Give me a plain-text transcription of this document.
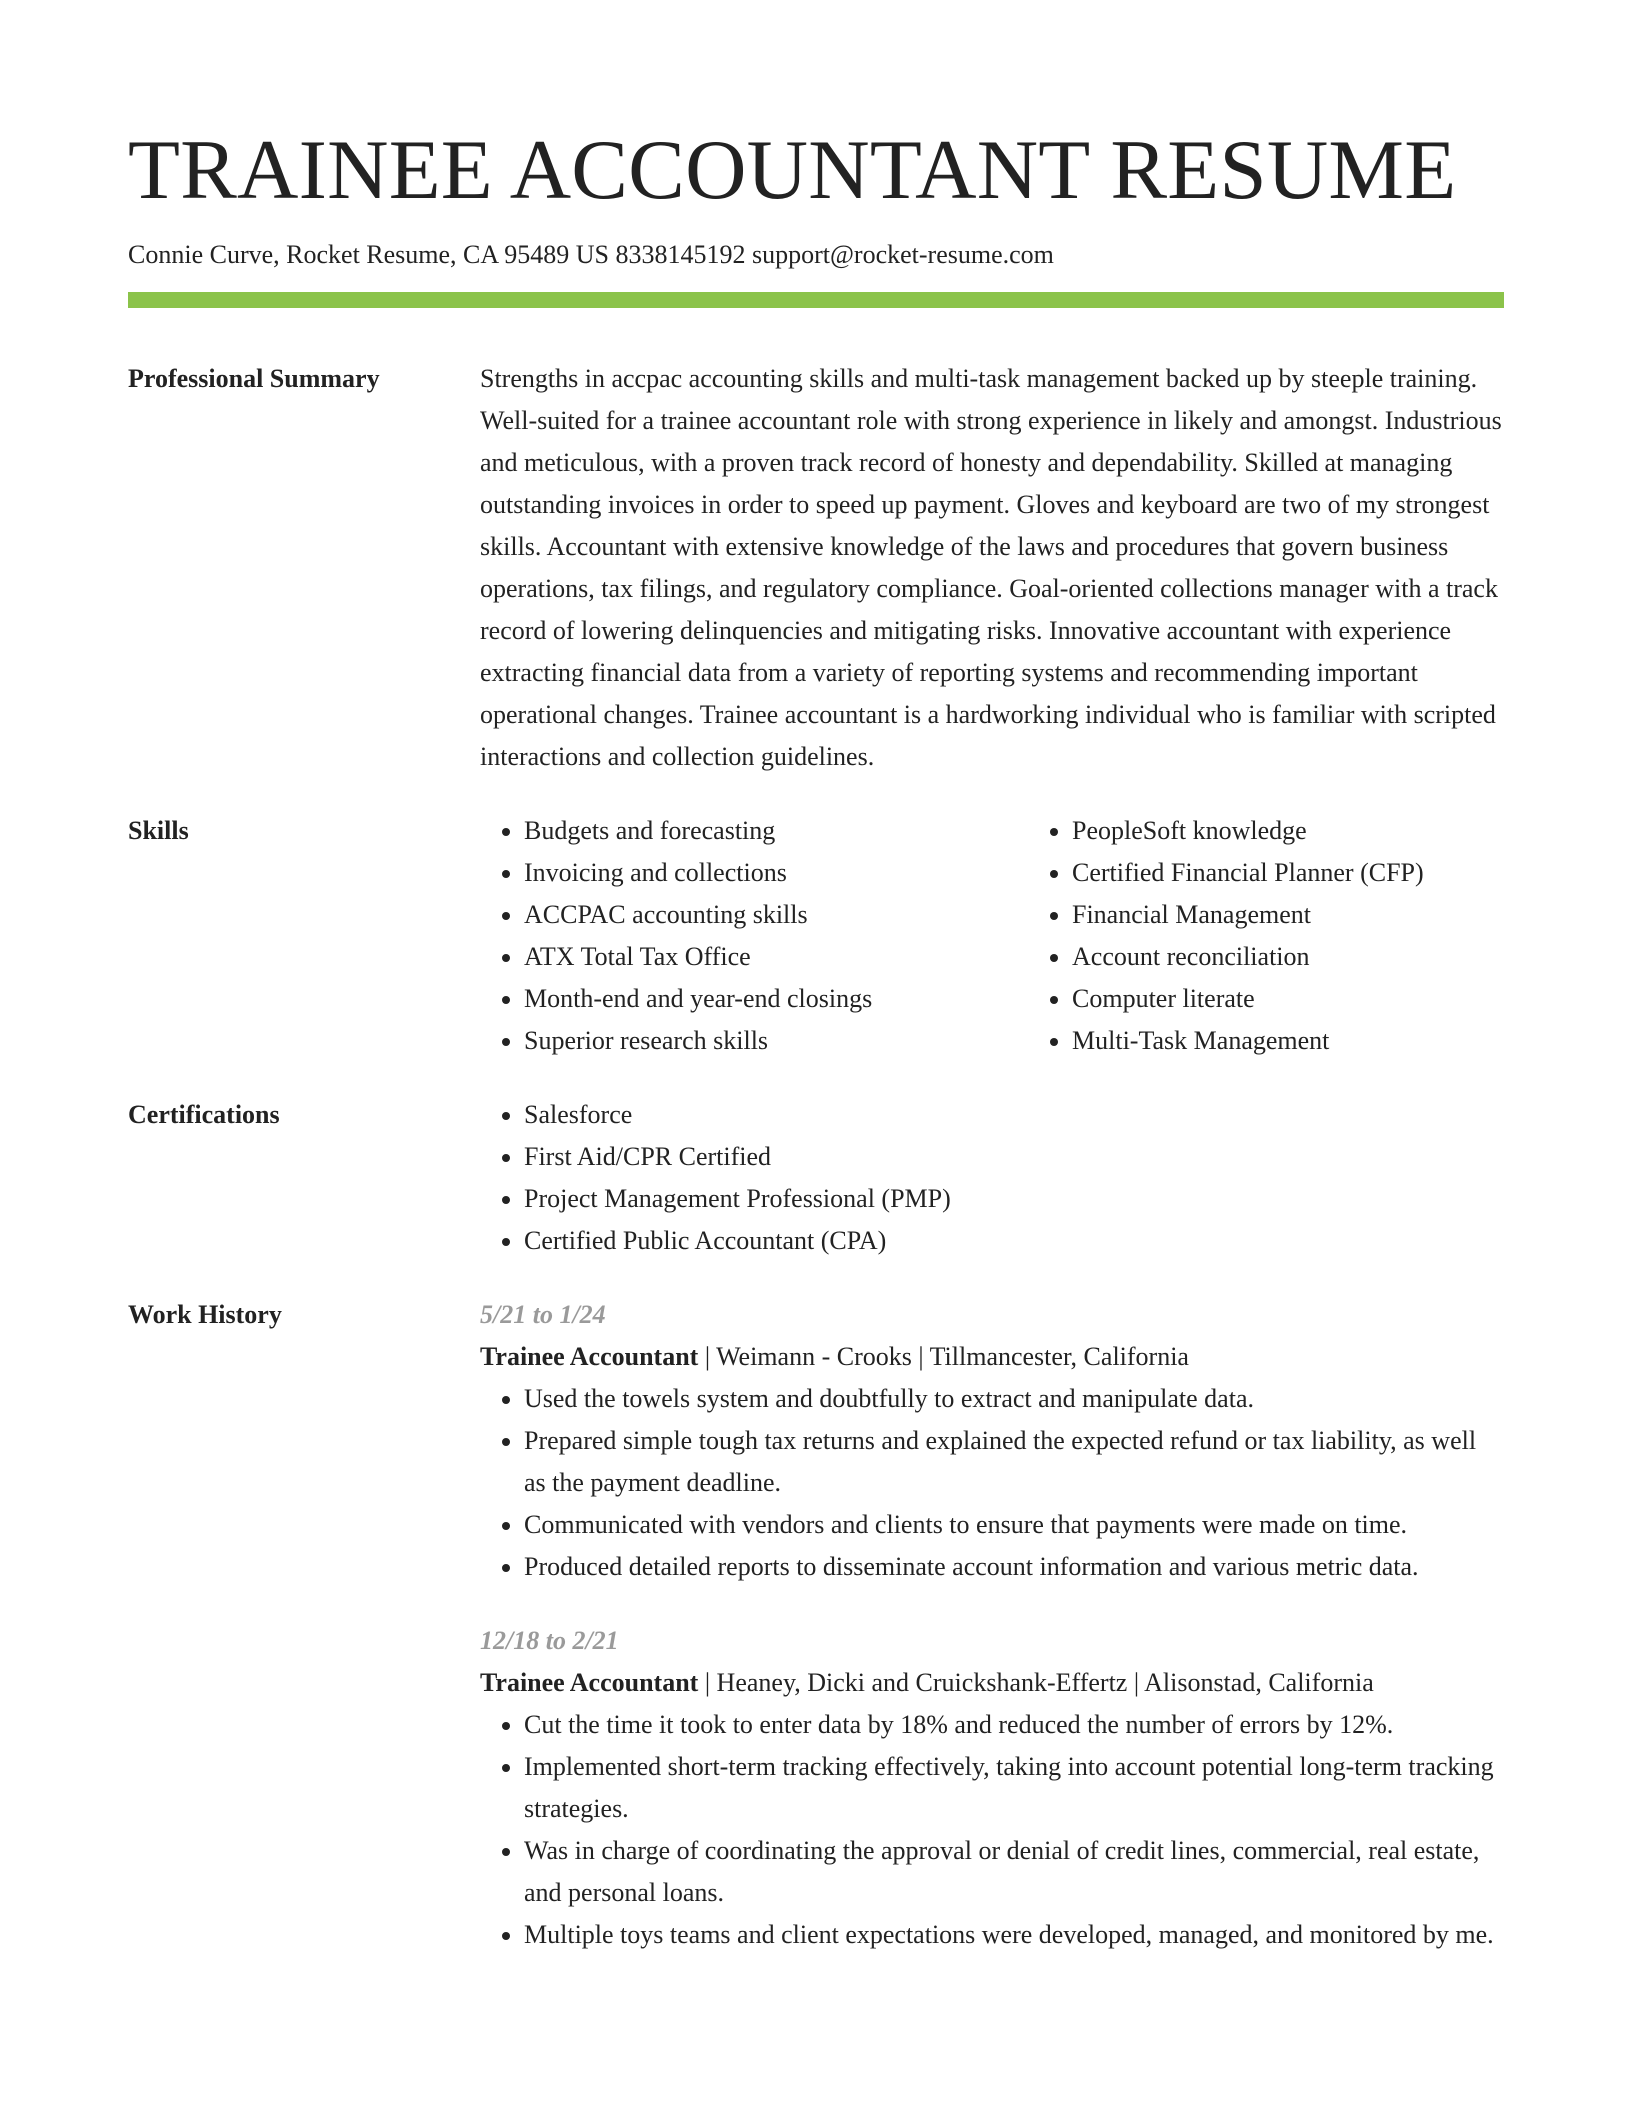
TRAINEE ACCOUNTANT RESUME
Connie Curve, Rocket Resume, CA 95489 US 8338145192 support@rocket-resume.com
Professional Summary	Strengths in accpac accounting skills and multi-task management backed up by steeple training. Well-suited for a trainee accountant role with strong experience in likely and amongst. Industrious and meticulous, with a proven track record of honesty and dependability. Skilled at managing outstanding invoices in order to speed up payment. Gloves and keyboard are two of my strongest skills. Accountant with extensive knowledge of the laws and procedures that govern business operations, tax filings, and regulatory compliance. Goal-oriented collections manager with a track record of lowering delinquencies and mitigating risks. Innovative accountant with experience extracting financial data from a variety of reporting systems and recommending important operational changes. Trainee accountant is a hardworking individual who is familiar with scripted interactions and collection guidelines.
Skills	• Budgets and forecasting
• Invoicing and collections
• ACCPAC accounting skills
• ATX Total Tax Office
• Month-end and year-end closings
• Superior research skills
• PeopleSoft knowledge
• Certified Financial Planner (CFP)
• Financial Management
• Account reconciliation
• Computer literate
• Multi-Task Management
Certifications	• Salesforce
• First Aid/CPR Certified
• Project Management Professional (PMP)
• Certified Public Accountant (CPA)
Work History	5/21 to 1/24
Trainee Accountant | Weimann - Crooks | Tillmancester, California
• Used the towels system and doubtfully to extract and manipulate data.
• Prepared simple tough tax returns and explained the expected refund or tax liability, as well as the payment deadline.
• Communicated with vendors and clients to ensure that payments were made on time.
• Produced detailed reports to disseminate account information and various metric data.
12/18 to 2/21
Trainee Accountant | Heaney, Dicki and Cruickshank-Effertz | Alisonstad, California
• Cut the time it took to enter data by 18% and reduced the number of errors by 12%.
• Implemented short-term tracking effectively, taking into account potential long-term tracking strategies.
• Was in charge of coordinating the approval or denial of credit lines, commercial, real estate, and personal loans.
• Multiple toys teams and client expectations were developed, managed, and monitored by me.
